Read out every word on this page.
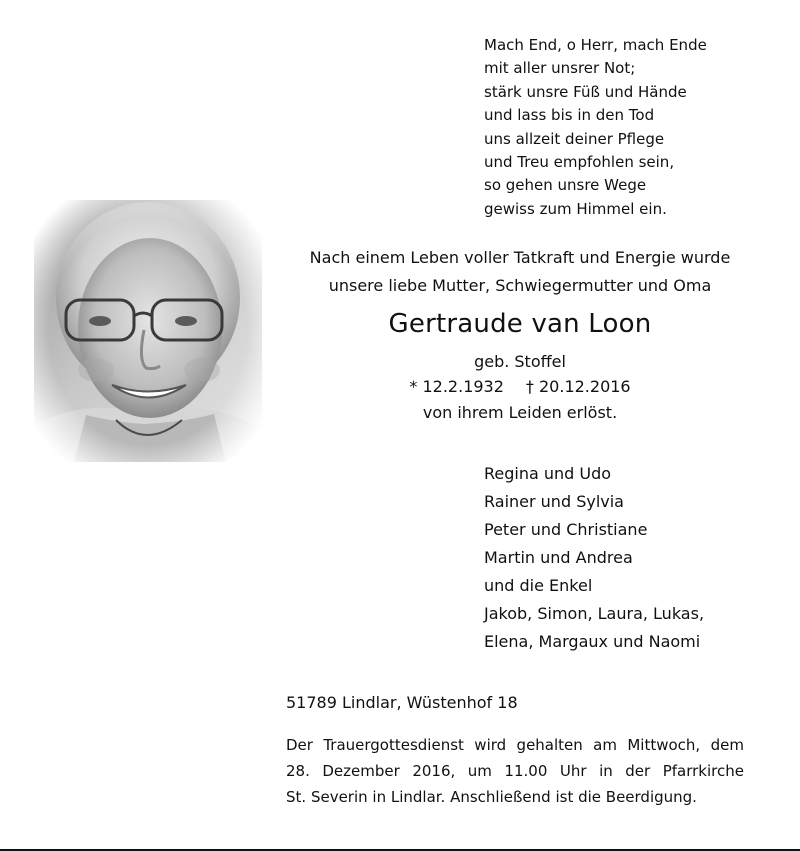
Mach End, o Herr, mach Ende
mit aller unsrer Not;
stärk unsre Füß und Hände
und lass bis in den Tod
uns allzeit deiner Pflege
und Treu empfohlen sein,
so gehen unsre Wege
gewiss zum Himmel ein.
Nach einem Leben voller Tatkraft und Energie wurde
unsere liebe Mutter, Schwiegermutter und Oma
Gertraude van Loon
geb. Stoffel
* 12.2.1932 † 20.12.2016
von ihrem Leiden erlöst.
Regina und Udo
Rainer und Sylvia
Peter und Christiane
Martin und Andrea
und die Enkel
Jakob, Simon, Laura, Lukas,
Elena, Margaux und Naomi
51789 Lindlar, Wüstenhof 18
Der Trauergottesdienst wird gehalten am Mittwoch, dem
28. Dezember 2016, um 11.00 Uhr in der Pfarrkirche
St. Severin in Lindlar. Anschließend ist die Beerdigung.
